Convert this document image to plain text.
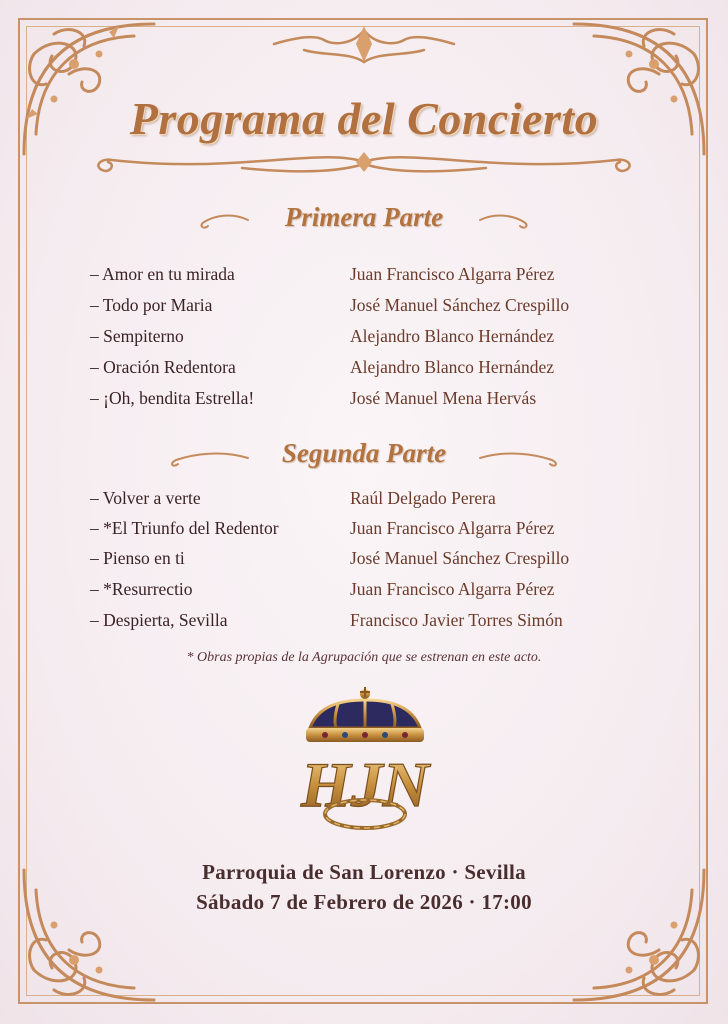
Programa del Concierto
Primera Parte
– Amor en tu mirada	Juan Francisco Algarra Pérez
– Todo por Maria	José Manuel Sánchez Crespillo
– Sempiterno	Alejandro Blanco Hernández
– Oración Redentora	Alejandro Blanco Hernández
– ¡Oh, bendita Estrella!	José Manuel Mena Hervás
Segunda Parte
– Volver a verte	Raúl Delgado Perera
– *El Triunfo del Redentor	Juan Francisco Algarra Pérez
– Pienso en ti	José Manuel Sánchez Crespillo
– *Resurrectio	Juan Francisco Algarra Pérez
– Despierta, Sevilla	Francisco Javier Torres Simón
* Obras propias de la Agrupación que se estrenan en este acto.
HJN
Parroquia de San Lorenzo · Sevilla
Sábado 7 de Febrero de 2026 · 17:00
